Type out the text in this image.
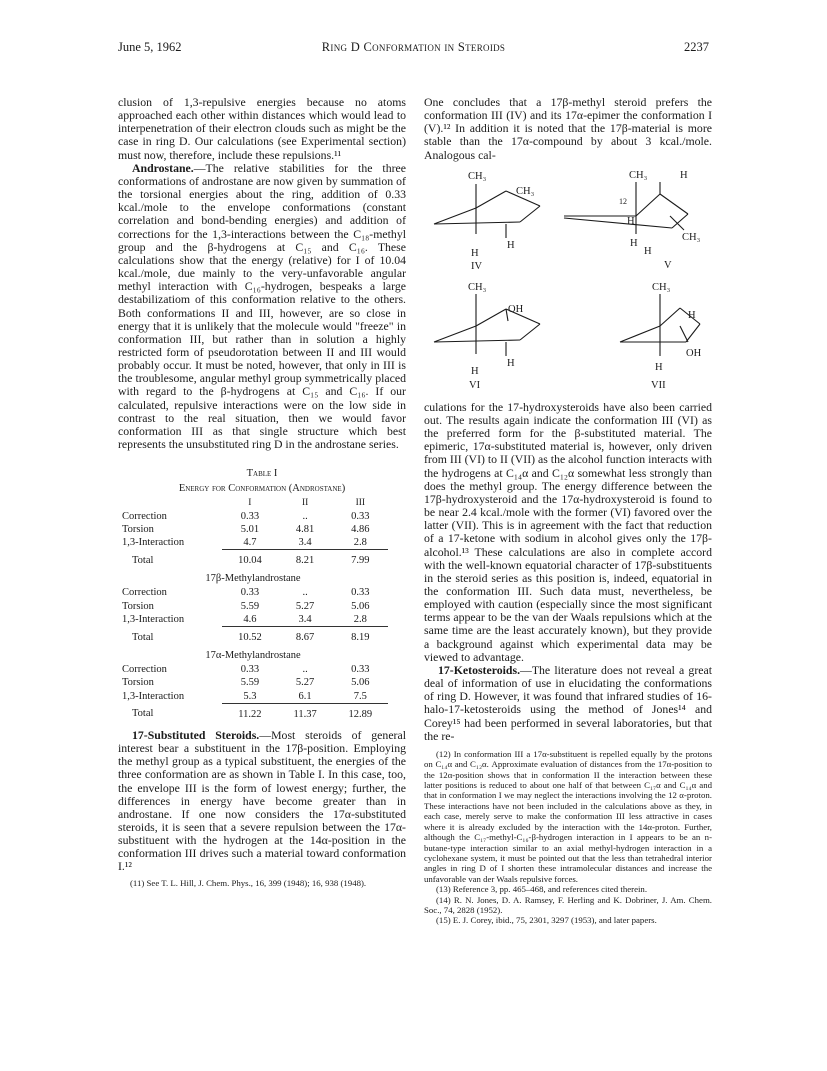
June 5, 1962	Ring D Conformation in Steroids	2237

clusion of 1,3-repulsive energies because no atoms approached each other within distances which would lead to interpenetration of their electron clouds such as might be the case in ring D. Our calculations (see Experimental section) must now, therefore, include these repulsions.¹¹

Androstane.—The relative stabilities for the three conformations of androstane are now given by summation of the torsional energies about the ring, addition of 0.33 kcal./mole to the envelope conformations (constant correlation and bond-bending energies) and addition of corrections for the 1,3-interactions between the C₁₈-methyl group and the β-hydrogens at C₁₅ and C₁₆. These calculations show that the energy (relative) for I of 10.04 kcal./mole, due mainly to the very-unfavorable angular methyl interaction with C₁₆-hydrogen, bespeaks a large destabilizatiom of this conformation relative to the others. Both conformations II and III, however, are so close in energy that it is unlikely that the molecule would "freeze" in conformation III, but rather than in solution a highly restricted form of pseudorotation between II and III would probably occur. It must be noted, however, that only in III is the troublesome, angular methyl group symmetrically placed with regard to the β-hydrogens at C₁₅ and C₁₆. If our calculated, repulsive interactions were on the low side in contrast to the real situation, then we would favor conformation III as that single structure which best represents the unsubstituted ring D in the androstane series.

Table I
Energy for Conformation (Androstane)
	I	II	III
Correction	0.33	..	0.33
Torsion	5.01	4.81	4.86
1,3-Interaction	4.7	3.4	2.8
Total	10.04	8.21	7.99
17β-Methylandrostane			
Correction	0.33	..	0.33
Torsion	5.59	5.27	5.06
1,3-Interaction	4.6	3.4	2.8
Total	10.52	8.67	8.19
17α-Methylandrostane			
Correction	0.33	..	0.33
Torsion	5.59	5.27	5.06
1,3-Interaction	5.3	6.1	7.5
Total	11.22	11.37	12.89

17-Substituted Steroids.—Most steroids of general interest bear a substituent in the 17β-position. Employing the methyl group as a typical substituent, the energies of the three conformation are as shown in Table I. In this case, too, the envelope III is the form of lowest energy; further, the differences in energy have become greater than in androstane. If one now considers the 17α-substituted steroids, it is seen that a severe repulsion between the 17α-substituent with the hydrogen at the 14α-position in the conformation III drives such a material toward conformation I.¹²

(11) See T. L. Hill, J. Chem. Phys., 16, 399 (1948); 16, 938 (1948).

One concludes that a 17β-methyl steroid prefers the conformation III (IV) and its 17α-epimer the conformation I (V).¹² In addition it is noted that the 17β-material is more stable than the 17α-compound by about 3 kcal./mole. Analogous cal-

CH₃
CH₃
H
H
IV
CH₃	H
12
H
CH₃
H
H
V
CH₃
OH
H
H
VI
CH₃
H
OH
H
VII

culations for the 17-hydroxysteroids have also been carried out. The results again indicate the conformation III (VI) as the preferred form for the β-substituted material. The epimeric, 17α-substituted material is, however, only driven from III (VI) to II (VII) as the alcohol function interacts with the hydrogens at C₁₄α and C₁₂α somewhat less strongly than does the methyl group. The energy difference between the 17β-hydroxysteroid and the 17α-hydroxysteroid is found to be near 2.4 kcal./mole with the former (VI) favored over the latter (VII). This is in agreement with the fact that reduction of a 17-ketone with sodium in alcohol gives only the 17β-alcohol.¹³ These calculations are also in complete accord with the well-known equatorial character of 17β-substituents in the steroid series as this position is, indeed, equatorial in the conformation III. Such data must, nevertheless, be employed with caution (especially since the most significant terms appear to be the van der Waals repulsions which at the same time are the least accurately known), but they provide a background against which experimental data may be viewed to advantage.

17-Ketosteroids.—The literature does not reveal a great deal of information of use in elucidating the conformations of ring D. However, it was found that infrared studies of 16-halo-17-ketosteroids using the method of Jones¹⁴ and Corey¹⁵ had been performed in several laboratories, but that the re-

(12) In conformation III a 17α-substituent is repelled equally by the protons on C₁₄α and C₁₂α. Approximate evaluation of distances from the 17α-position to the 12α-position shows that in conformation II the interaction between these latter positions is reduced to about one half of that between C₁₇α and C₁₄α and that in conformation I we may neglect the interactions involving the 12 α-proton. These interactions have not been included in the calculations above as they, in each case, merely serve to make the conformation III less attractive in cases where it is already excluded by the interaction with the 14α-proton. Further, although the C₁₇-methyl-C₁₆-β-hydrogen interaction in I appears to be an n-butane-type interaction similar to an axial methyl-hydrogen interaction in a cyclohexane system, it must be pointed out that the less than tetrahedral interior angles in ring D of I shorten these intramolecular distances and increase the unfavorable van der Waals repulsive forces.

(13) Reference 3, pp. 465–468, and references cited therein.

(14) R. N. Jones, D. A. Ramsey, F. Herling and K. Dobriner, J. Am. Chem. Soc., 74, 2828 (1952).

(15) E. J. Corey, ibid., 75, 2301, 3297 (1953), and later papers.
